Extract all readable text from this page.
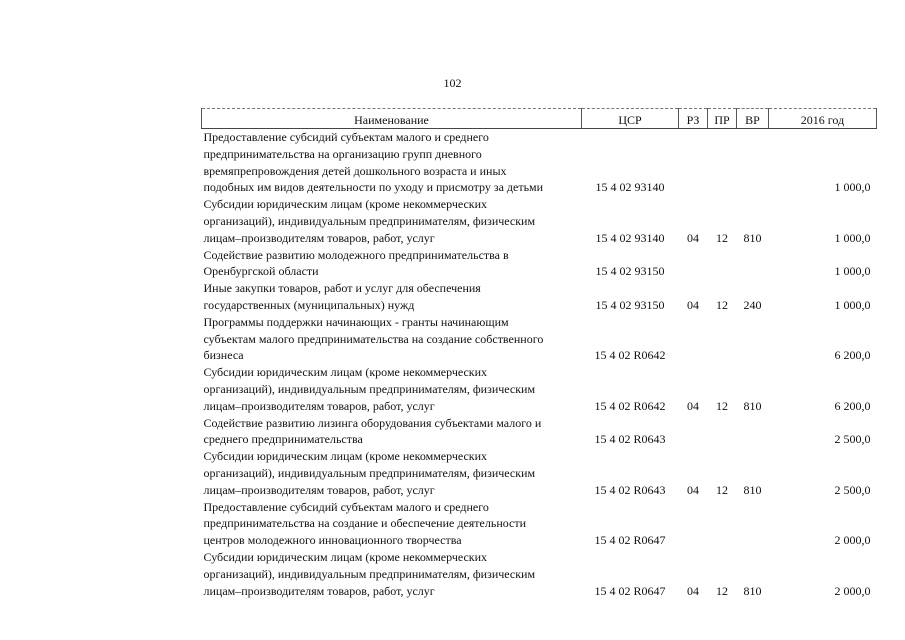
102
Наименование	ЦСР	РЗ	ПР	ВР	2016 год

Предоставление субсидий субъектам малого и среднего
предпринимательства на организацию групп дневного
времяпрепровождения детей дошкольного возраста и иных
подобных им видов деятельности по уходу и присмотру за детьми	15 4 02 93140				1 000,0

Субсидии юридическим лицам (кроме некоммерческих
организаций), индивидуальным предпринимателям, физическим
лицам–производителям товаров, работ, услуг	15 4 02 93140	04	12	810	1 000,0

Содействие развитию молодежного предпринимательства в
Оренбургской области	15 4 02 93150				1 000,0

Иные закупки товаров, работ и услуг для обеспечения
государственных (муниципальных) нужд	15 4 02 93150	04	12	240	1 000,0

Программы поддержки начинающих - гранты начинающим
субъектам малого предпринимательства на создание собственного
бизнеса	15 4 02 R0642				6 200,0

Субсидии юридическим лицам (кроме некоммерческих
организаций), индивидуальным предпринимателям, физическим
лицам–производителям товаров, работ, услуг	15 4 02 R0642	04	12	810	6 200,0

Содействие развитию лизинга оборудования субъектами малого и
среднего предпринимательства	15 4 02 R0643				2 500,0

Субсидии юридическим лицам (кроме некоммерческих
организаций), индивидуальным предпринимателям, физическим
лицам–производителям товаров, работ, услуг	15 4 02 R0643	04	12	810	2 500,0

Предоставление субсидий субъектам малого и среднего
предпринимательства на создание и обеспечение деятельности
центров молодежного инновационного творчества	15 4 02 R0647				2 000,0

Субсидии юридическим лицам (кроме некоммерческих
организаций), индивидуальным предпринимателям, физическим
лицам–производителям товаров, работ, услуг	15 4 02 R0647	04	12	810	2 000,0
